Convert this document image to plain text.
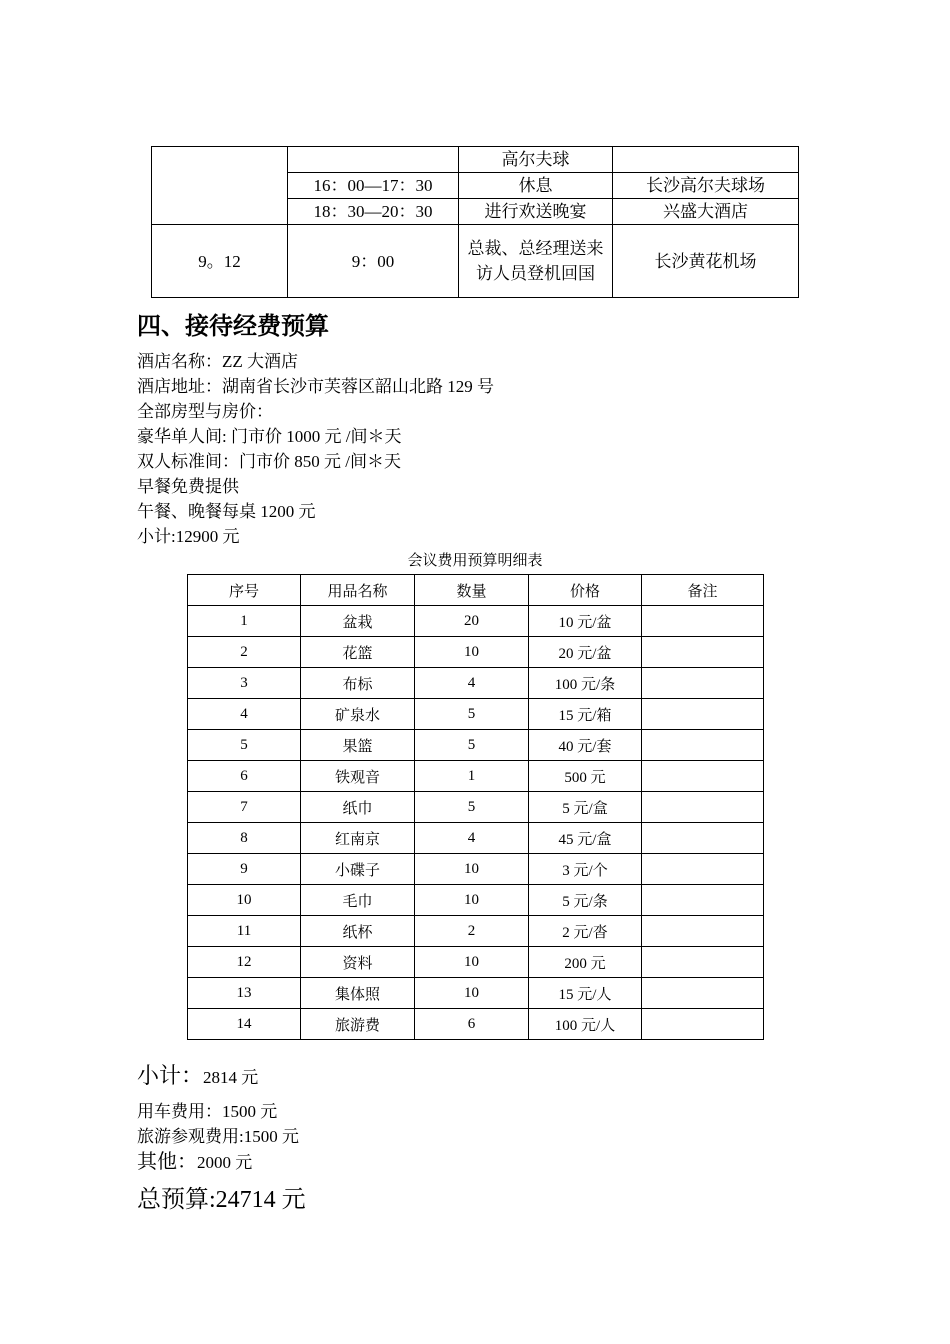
		高尔夫球	
	16：00—17：30	休息	长沙高尔夫球场
	18：30—20：30	进行欢送晚宴	兴盛大酒店
9。12	9：00	总裁、总经理送来访人员登机回国	长沙黄花机场
四、接待经费预算

酒店名称：ZZ 大酒店

酒店地址：湖南省长沙市芙蓉区韶山北路 129 号

全部房型与房价：

豪华单人间: 门市价 1000 元 /间＊天

双人标准间：门市价 850 元 /间＊天

早餐免费提供

午餐、晚餐每桌 1200 元

小计:12900 元

会议费用预算明细表

序号	用品名称	数量	价格	备注
1	盆栽	20	10 元/盆	
2	花篮	10	20 元/盆	
3	布标	4	100 元/条	
4	矿泉水	5	15 元/箱	
5	果篮	5	40 元/套	
6	铁观音	1	500 元	
7	纸巾	5	5 元/盒	
8	红南京	4	45 元/盒	
9	小碟子	10	3 元/个	
10	毛巾	10	5 元/条	
11	纸杯	2	2 元/沓	
12	资料	10	200 元	
13	集体照	10	15 元/人	
14	旅游费	6	100 元/人	

小计：2814 元

用车费用：1500 元

旅游参观费用:1500 元

其他：2000 元

总预算:24714 元
